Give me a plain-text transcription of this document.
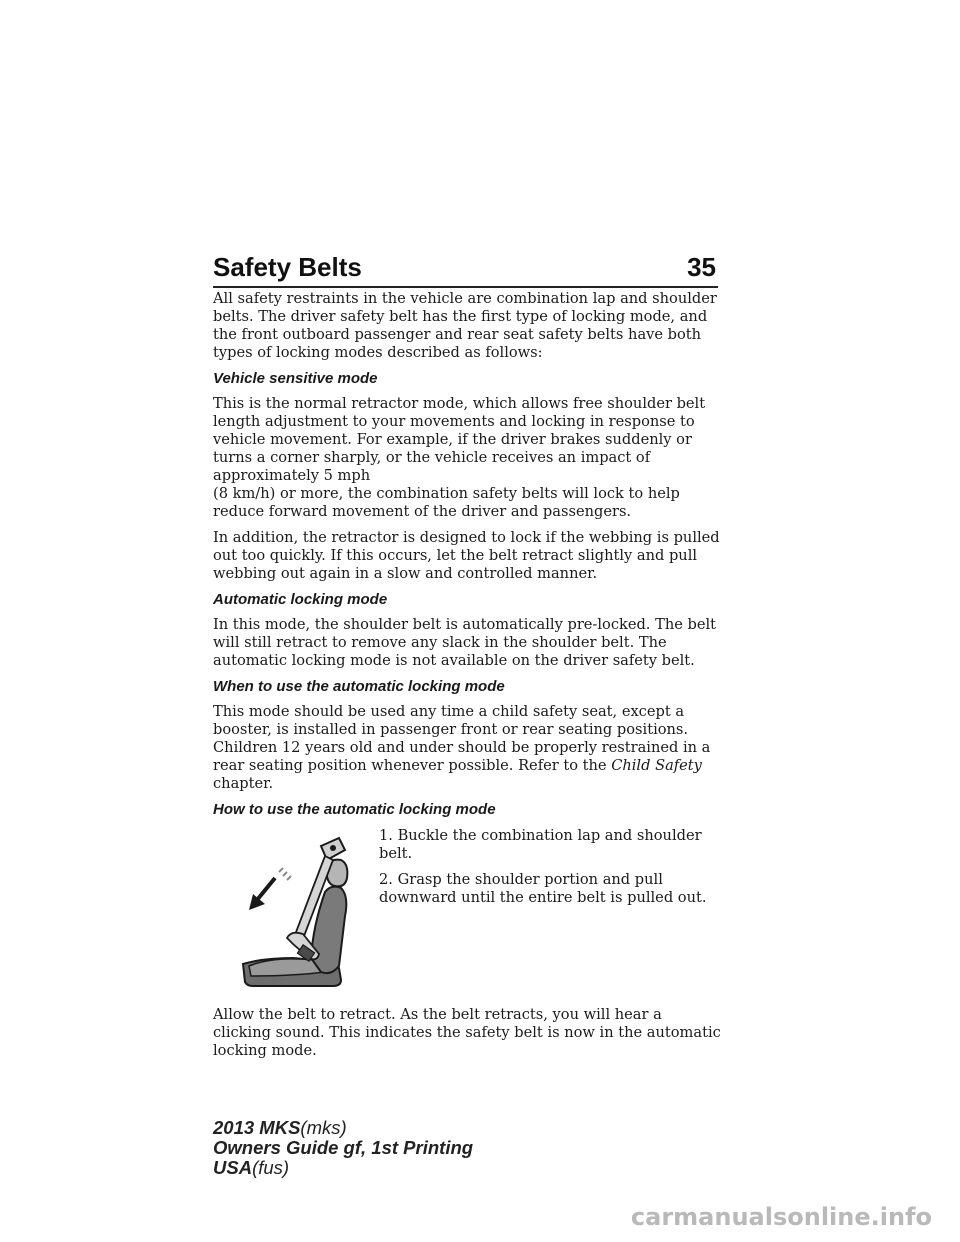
Safety Belts	35

All safety restraints in the vehicle are combination lap and shoulder belts. The driver safety belt has the first type of locking mode, and the front outboard passenger and rear seat safety belts have both types of locking modes described as follows:

Vehicle sensitive mode

This is the normal retractor mode, which allows free shoulder belt length adjustment to your movements and locking in response to vehicle movement. For example, if the driver brakes suddenly or turns a corner sharply, or the vehicle receives an impact of approximately 5 mph
(8 km/h) or more, the combination safety belts will lock to help reduce forward movement of the driver and passengers.

In addition, the retractor is designed to lock if the webbing is pulled out too quickly. If this occurs, let the belt retract slightly and pull webbing out again in a slow and controlled manner.

Automatic locking mode

In this mode, the shoulder belt is automatically pre-locked. The belt will still retract to remove any slack in the shoulder belt. The automatic locking mode is not available on the driver safety belt.

When to use the automatic locking mode

This mode should be used any time a child safety seat, except a booster, is installed in passenger front or rear seating positions. Children 12 years old and under should be properly restrained in a rear seating position whenever possible. Refer to the Child Safety chapter.

How to use the automatic locking mode

1. Buckle the combination lap and shoulder belt.

2. Grasp the shoulder portion and pull downward until the entire belt is pulled out.

Allow the belt to retract. As the belt retracts, you will hear a clicking sound. This indicates the safety belt is now in the automatic locking mode.

2013 MKS(mks)
Owners Guide gf, 1st Printing
USA(fus)
carmanualsonline.info
